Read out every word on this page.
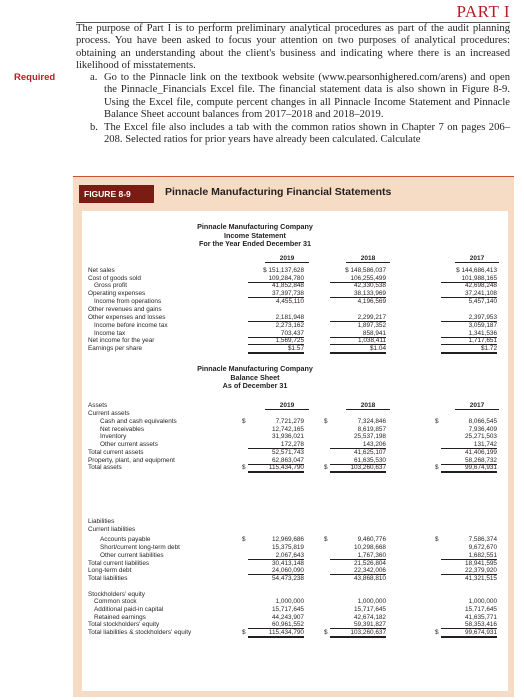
PART I
The purpose of Part I is to perform preliminary analytical procedures as part of the audit planning process. You have been asked to focus your attention on two purposes of analytical procedures: obtaining an understanding about the client's business and indicating where there is an increased likelihood of misstatements.
Required	a. Go to the Pinnacle link on the textbook website (www.pearsonhighered.com/arens) and open the Pinnacle_Financials Excel file. The financial statement data is also shown in Figure 8-9. Using the Excel file, compute percent changes in all Pinnacle Income Statement and Pinnacle Balance Sheet account balances from 2017–2018 and 2018–2019.
b. The Excel file also includes a tab with the common ratios shown in Chapter 7 on pages 206–208. Selected ratios for prior years have already been calculated. Calculate
FIGURE 8-9	Pinnacle Manufacturing Financial Statements
Pinnacle Manufacturing Company
Income Statement
For the Year Ended December 31
2019	2018	2017
Net sales	$ 151,137,628	$ 148,586,037	$ 144,686,413
Cost of goods sold	109,284,780	106,255,499	101,988,165
Gross profit	41,852,848	42,330,538	42,698,248
Operating expenses	37,397,738	38,133,969	37,241,108
Income from operations	4,455,110	4,196,569	5,457,140
Other revenues and gains
Other expenses and losses	2,181,948	2,299,217	2,397,953
Income before income tax	2,273,162	1,897,352	3,059,187
Income tax	703,437	858,941	1,341,536
Net income for the year	1,569,725	1,038,411	1,717,651
Earnings per share	$1.57	$1.04	$1.72
Pinnacle Manufacturing Company
Balance Sheet
As of December 31
Assets	2019	2018	2017
Current assets
$	$	$
Cash and cash equivalents	7,721,279	7,324,846	8,066,545
Net receivables	12,742,165	8,619,857	7,936,409
Inventory	31,936,021	25,537,198	25,271,503
Other current assets	172,278	143,206	131,742
Total current assets	52,571,743	41,625,107	41,406,199
Property, plant, and equipment	62,863,047	61,635,530	58,268,732
$	$	$
Total assets	115,434,790	103,260,637	99,674,931
Liabilities
Current liabilities
$	$	$
Accounts payable	12,969,686	9,460,776	7,586,374
Short/current long-term debt	15,375,819	10,298,668	9,672,670
Other current liabilities	2,067,643	1,767,360	1,682,551
Total current liabilities	30,413,148	21,526,804	18,941,595
Long-term debt	24,060,090	22,342,006	22,379,920
Total liabilities	54,473,238	43,868,810	41,321,515
Stockholders' equity
Common stock	1,000,000	1,000,000	1,000,000
Additional paid-in capital	15,717,645	15,717,645	15,717,645
Retained earnings	44,243,907	42,674,182	41,635,771
Total stockholders' equity	60,961,552	59,391,827	58,353,416
$	$	$
Total liabilities & stockholders' equity	115,434,790	103,260,637	99,674,931
